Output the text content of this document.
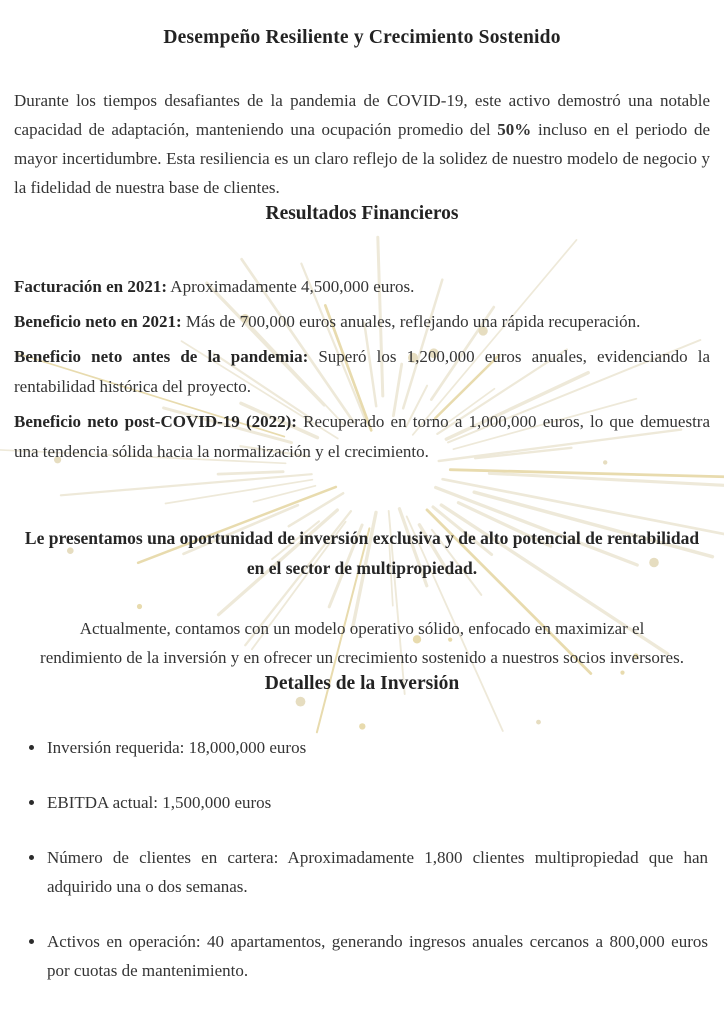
Desempeño Resiliente y Crecimiento Sostenido

Durante los tiempos desafiantes de la pandemia de COVID-19, este activo demostró una notable capacidad de adaptación, manteniendo una ocupación promedio del 50% incluso en el periodo de mayor incertidumbre. Esta resiliencia es un claro reflejo de la solidez de nuestro modelo de negocio y la fidelidad de nuestra base de clientes.

Resultados Financieros

Facturación en 2021: Aproximadamente 4,500,000 euros.

Beneficio neto en 2021: Más de 700,000 euros anuales, reflejando una rápida recuperación.

Beneficio neto antes de la pandemia: Superó los 1,200,000 euros anuales, evidenciando la rentabilidad histórica del proyecto.

Beneficio neto post-COVID-19 (2022): Recuperado en torno a 1,000,000 euros, lo que demuestra una tendencia sólida hacia la normalización y el crecimiento.

Le presentamos una oportunidad de inversión exclusiva y de alto potencial de rentabilidad en el sector de multipropiedad.

Actualmente, contamos con un modelo operativo sólido, enfocado en maximizar el rendimiento de la inversión y en ofrecer un crecimiento sostenido a nuestros socios inversores.

Detalles de la Inversión
Inversión requerida: 18,000,000 euros
EBITDA actual: 1,500,000 euros
Número de clientes en cartera: Aproximadamente 1,800 clientes multipropiedad que han adquirido una o dos semanas.
Activos en operación: 40 apartamentos, generando ingresos anuales cercanos a 800,000 euros por cuotas de mantenimiento.
